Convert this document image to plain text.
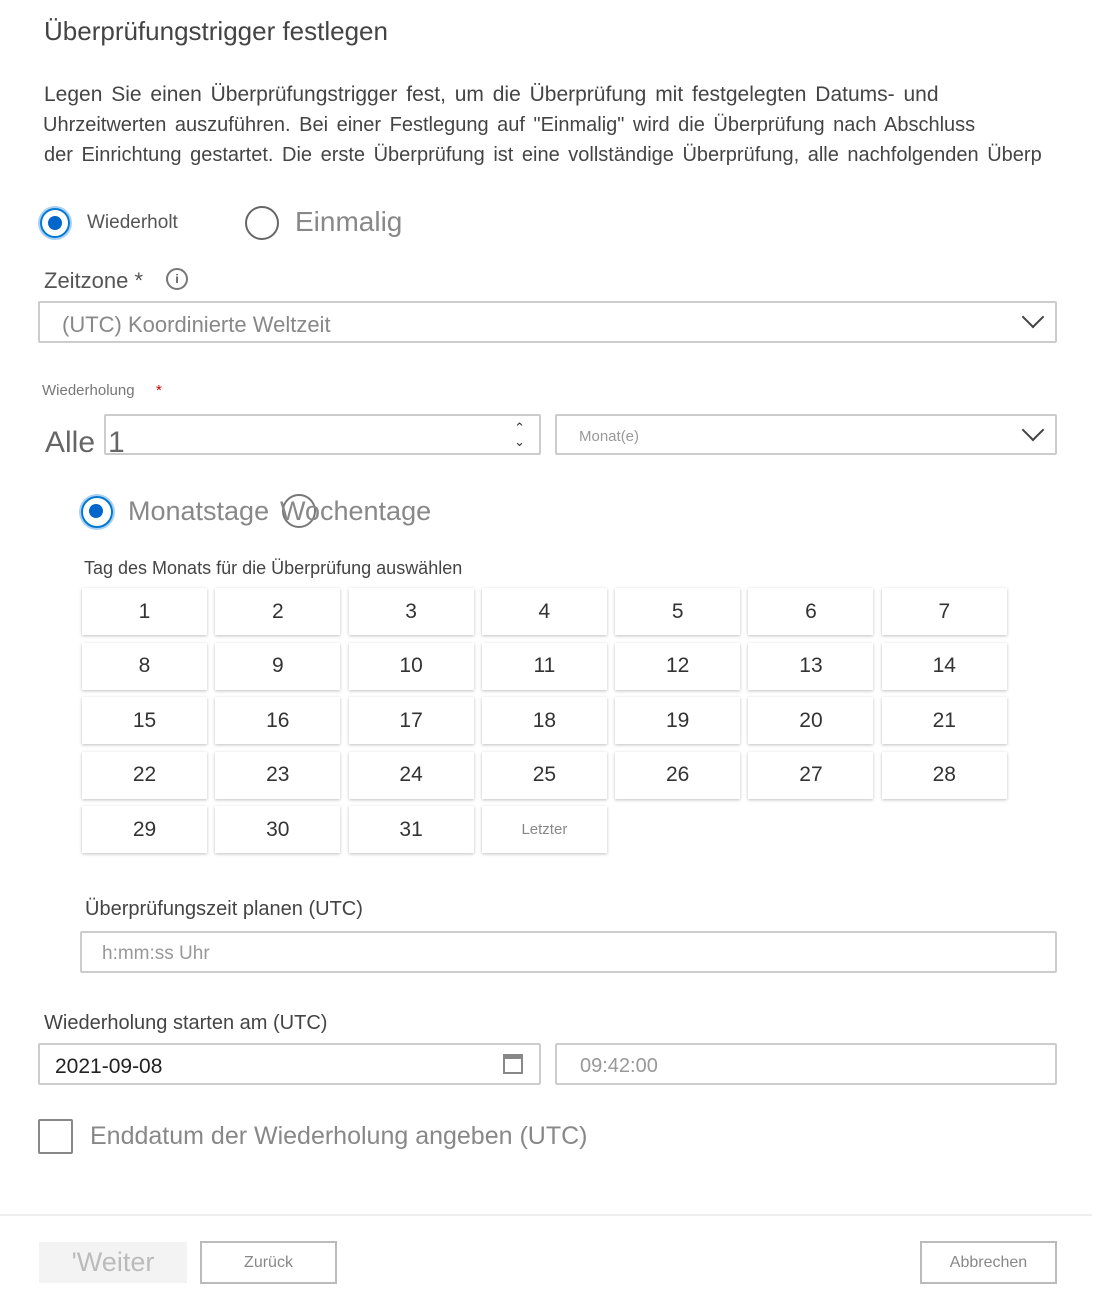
Überprüfungstrigger festlegen
Legen Sie einen Überprüfungstrigger fest, um die Überprüfung mit festgelegten Datums- und
Uhrzeitwerten auszuführen. Bei einer Festlegung auf "Einmalig" wird die Überprüfung nach Abschluss
der Einrichtung gestartet. Die erste Überprüfung ist eine vollständige Überprüfung, alle nachfolgenden Überp
Wiederholt	Einmalig
Zeitzone *	i
(UTC) Koordinierte Weltzeit
Wiederholung *
Alle 1	⌃
⌄	Monat(e)
Monatstage Wochentage
Tag des Monats für die Überprüfung auswählen
1	2	3	4	5	6	7
8	9	10	11	12	13	14
15	16	17	18	19	20	21
22	23	24	25	26	27	28
29	30	31	Letzter
Überprüfungszeit planen (UTC)
h:mm:ss Uhr
Wiederholung starten am (UTC)
2021-09-08	09:42:00
Enddatum der Wiederholung angeben (UTC)
'Weiter	Zurück	Abbrechen
